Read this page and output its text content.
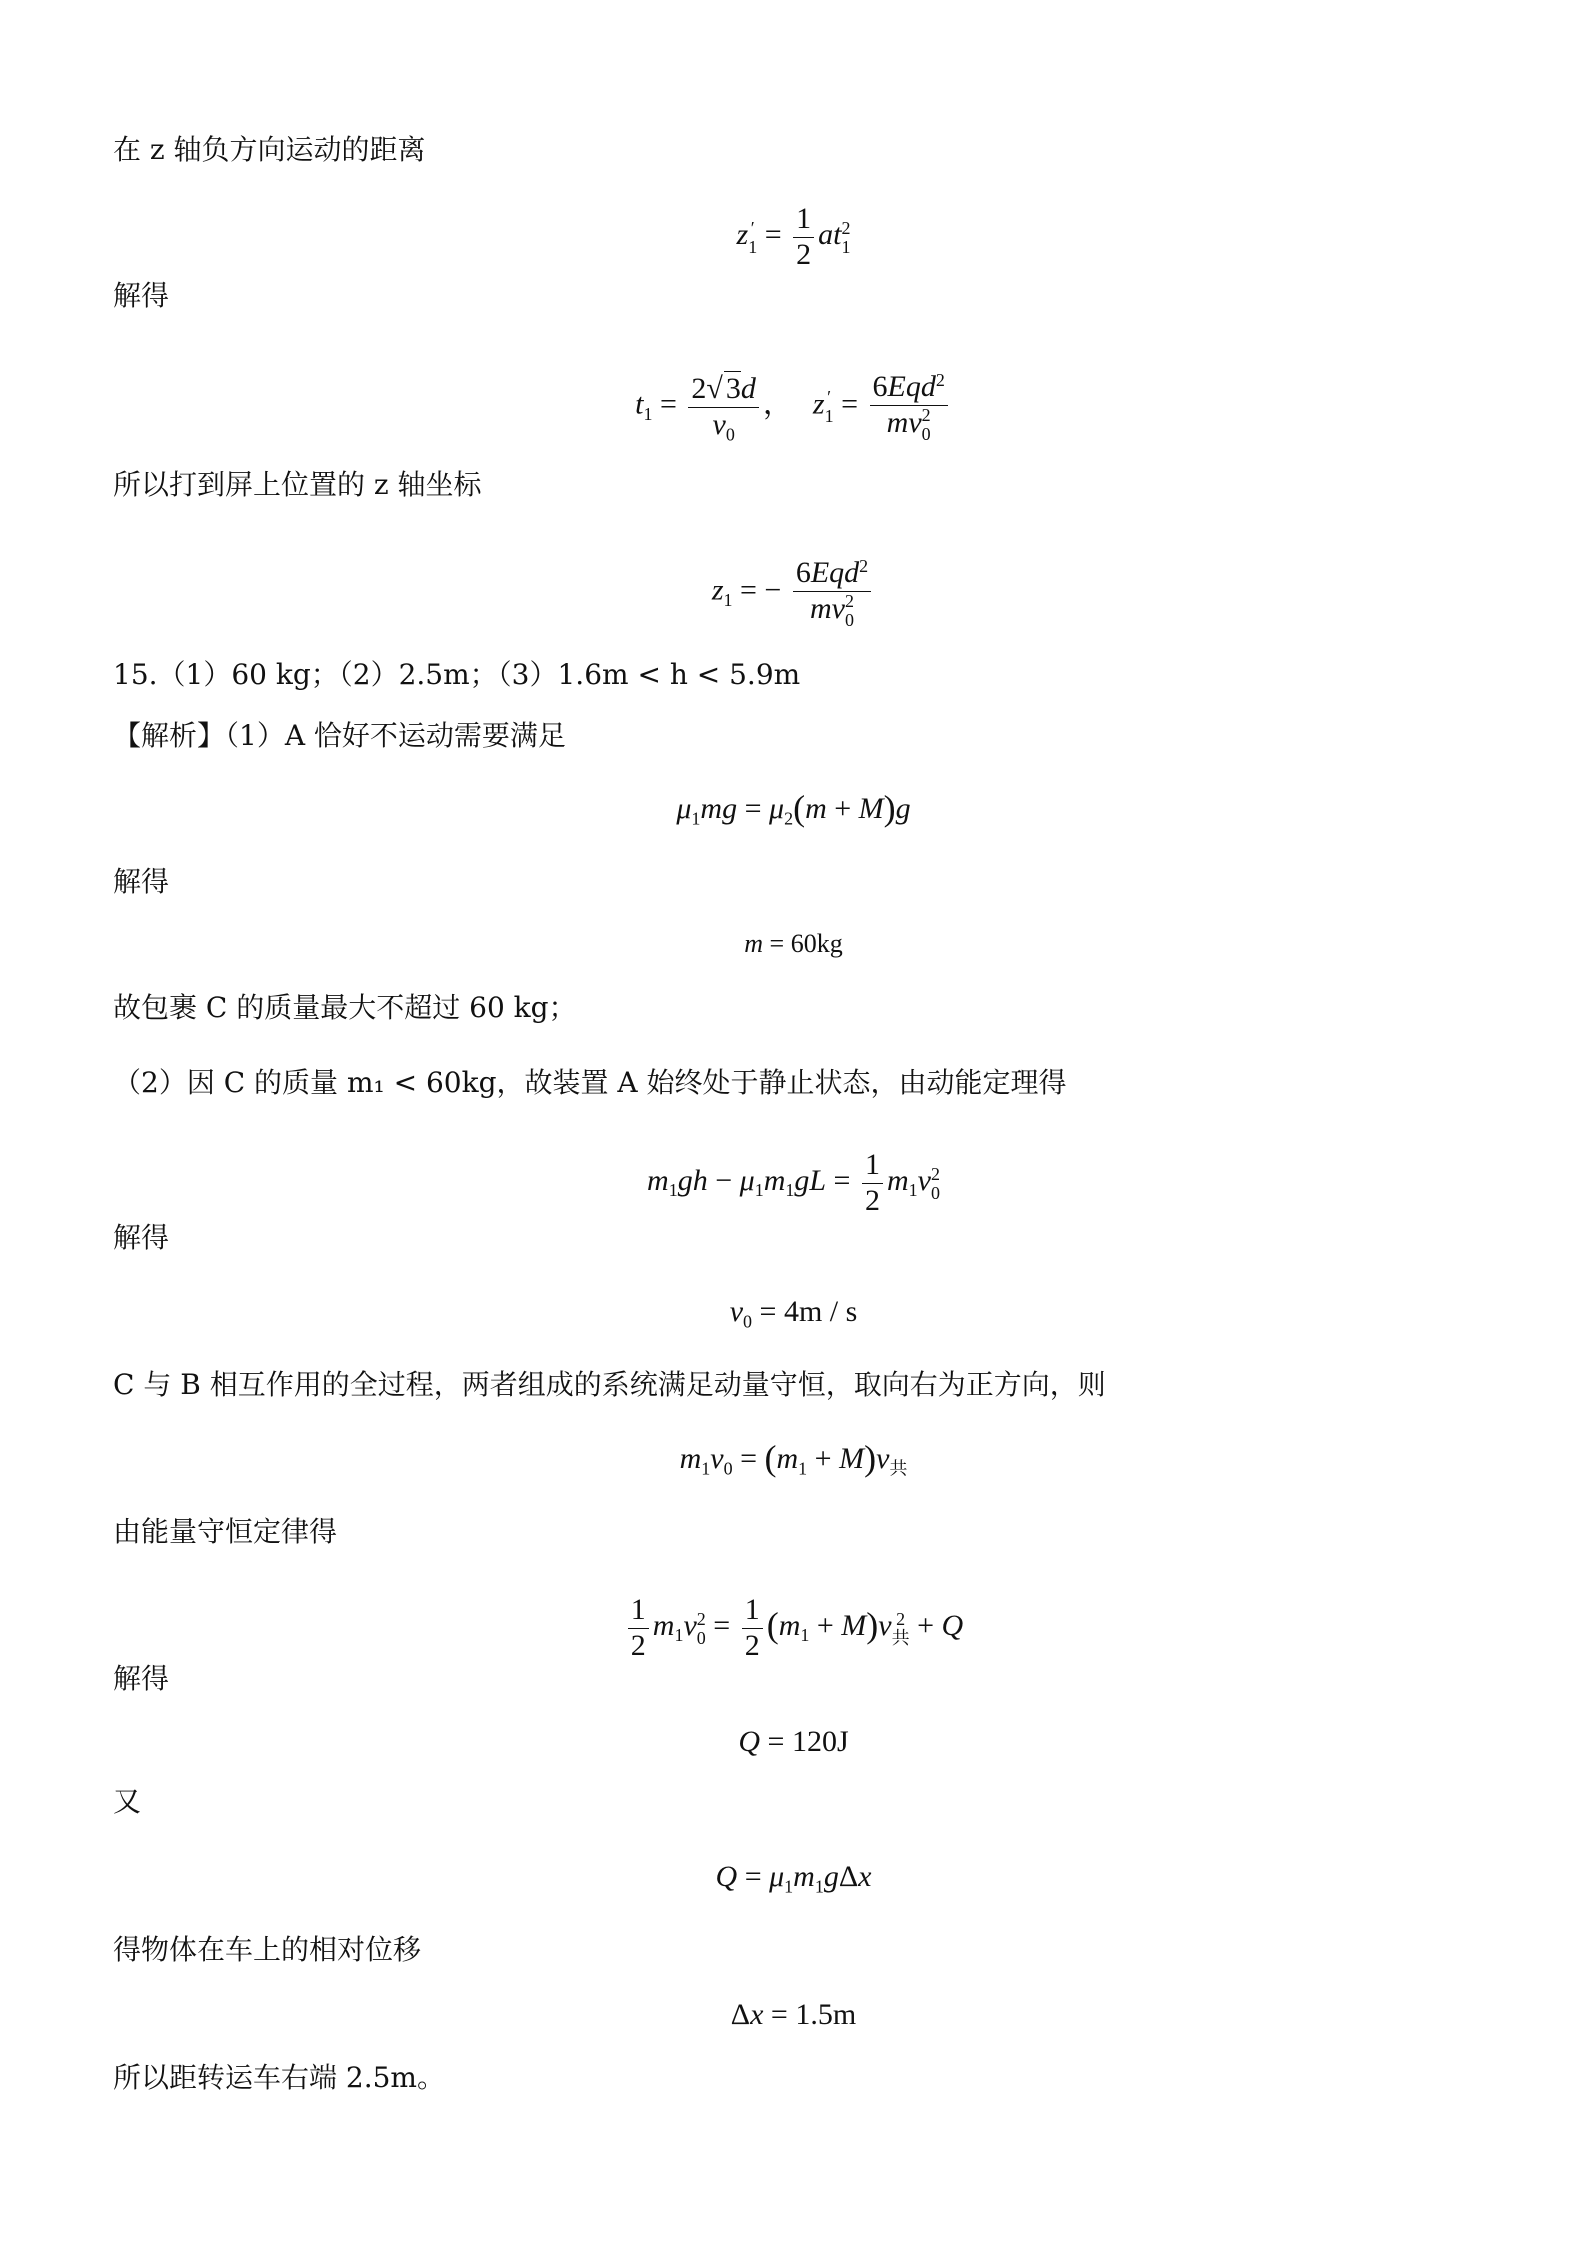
在 z 轴负方向运动的距离
z ′
$1 = \frac{1}{2}$ at 2
1
解得
$t_1 = \frac{2√ 3d}{v_0}$ ， z ′
1 = 6Eqd$^2$
mv 2
0
所以打到屏上位置的 z 轴坐标
$z_1$ = − 6Eqd$^2$
mv 2
0
15.（1）60 kg；（2）2.5m；（3）1.6m < h < 5.9m
【解析】（1）A 恰好不运动需要满足
$\mu_1mg = \mu_2(m + M)g$
解得
m = 60kg
故包裹 C 的质量最大不超过 60 kg；
（2）因 C 的质量 m₁ < 60kg，故装置 A 始终处于静止状态，由动能定理得
$m_1gh - \mu_1m_1gL = \frac{1}{2} m_1v$ 2
0
解得
$v_0 = 4m / s$
C 与 B 相互作用的全过程，两者组成的系统满足动量守恒，取向右为正方向，则
$m_1v_0 = (m_1 + M)v_共$
由能量守恒定律得
$\frac{1}{2} m_1v$ 2
$0 = \frac{1}{2} (m_1 + M)v$ 2
共 + Q
解得
Q = 120J
又
$Q = \mu_1m_1g\Delta x$
得物体在车上的相对位移
Δx = 1.5m
所以距转运车右端 2.5m。
